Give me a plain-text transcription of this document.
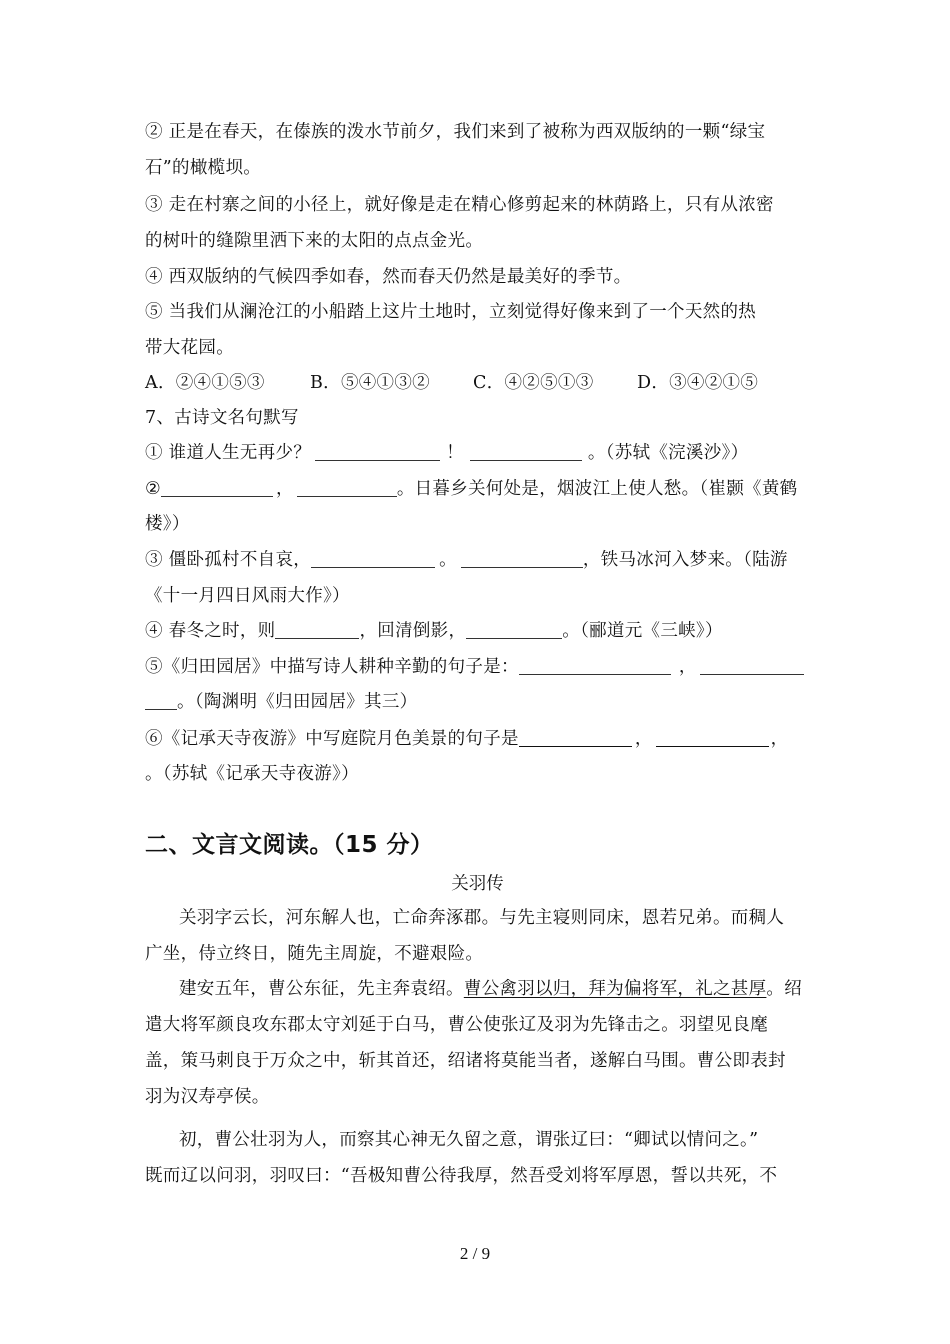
② 正是在春天，在傣族的泼水节前夕，我们来到了被称为西双版纳的一颗“绿宝
石”的橄榄坝。
③ 走在村寨之间的小径上，就好像是走在精心修剪起来的林荫路上，只有从浓密
的树叶的缝隙里洒下来的太阳的点点金光。
④ 西双版纳的气候四季如春，然而春天仍然是最美好的季节。
⑤ 当我们从澜沧江的小船踏上这片土地时，立刻觉得好像来到了一个天然的热
带大花园。
A．②④①⑤③	B．⑤④①③② C．④②⑤①③ D．③④②①⑤
7、古诗文名句默写
① 谁道人生无再少？	！	。（苏轼《浣溪沙》）
②	，	。日暮乡关何处是，烟波江上使人愁。（崔颢《黄鹤
楼》）
③ 僵卧孤村不自哀，	。	，铁马冰河入梦来。（陆游
《十一月四日风雨大作》）
④ 春冬之时，则	，回清倒影，	。（郦道元《三峡》）
⑤《归田园居》中描写诗人耕种辛勤的句子是：	，
。（陶渊明《归田园居》其三）
⑥《记承天寺夜游》中写庭院月色美景的句子是	，	，
。（苏轼《记承天寺夜游》）
二、文言文阅读。（15 分）
关羽传
关羽字云长，河东解人也，亡命奔涿郡。与先主寝则同床，恩若兄弟。而稠人
广坐，侍立终日，随先主周旋，不避艰险。
建安五年，曹公东征，先主奔袁绍。曹公禽羽以归，拜为偏将军，礼之甚厚。绍
遣大将军颜良攻东郡太守刘延于白马，曹公使张辽及羽为先锋击之。羽望见良麾
盖，策马刺良于万众之中，斩其首还，绍诸将莫能当者，遂解白马围。曹公即表封
羽为汉寿亭侯。
初，曹公壮羽为人，而察其心神无久留之意，谓张辽曰：“卿试以情问之。”
既而辽以问羽，羽叹曰：“吾极知曹公待我厚，然吾受刘将军厚恩，誓以共死，不
2 / 9
